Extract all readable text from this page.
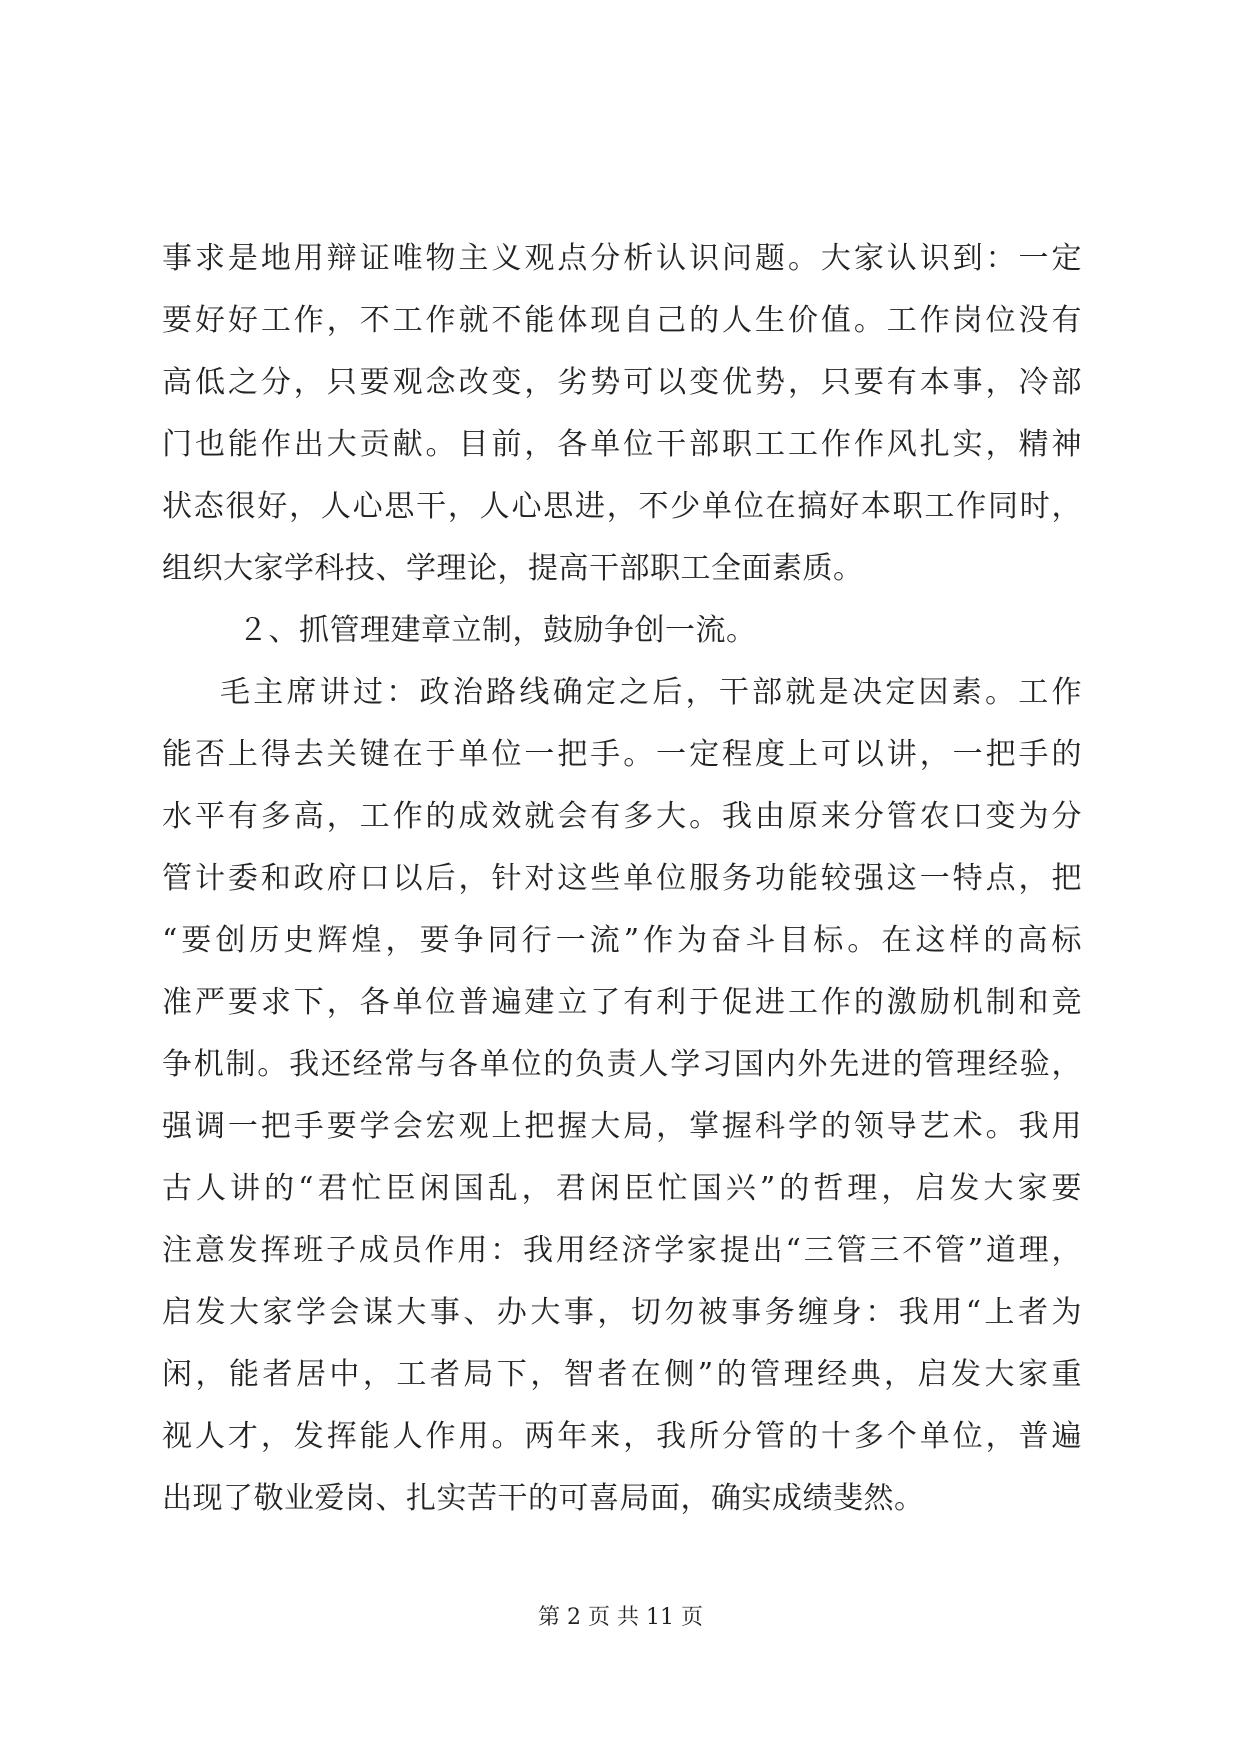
事求是地用辩证唯物主义观点分析认识问题。大家认识到：一定
要好好工作，不工作就不能体现自己的人生价值。工作岗位没有
高低之分，只要观念改变，劣势可以变优势，只要有本事，冷部
门也能作出大贡献。目前，各单位干部职工工作作风扎实，精神
状态很好，人心思干，人心思进，不少单位在搞好本职工作同时，
组织大家学科技、学理论，提高干部职工全面素质。
２、抓管理建章立制，鼓励争创一流。
毛主席讲过：政治路线确定之后，干部就是决定因素。工作
能否上得去关键在于单位一把手。一定程度上可以讲，一把手的
水平有多高，工作的成效就会有多大。我由原来分管农口变为分
管计委和政府口以后，针对这些单位服务功能较强这一特点，把
“要创历史辉煌，要争同行一流”作为奋斗目标。在这样的高标
准严要求下，各单位普遍建立了有利于促进工作的激励机制和竞
争机制。我还经常与各单位的负责人学习国内外先进的管理经验，
强调一把手要学会宏观上把握大局，掌握科学的领导艺术。我用
古人讲的“君忙臣闲国乱，君闲臣忙国兴”的哲理，启发大家要
注意发挥班子成员作用：我用经济学家提出“三管三不管”道理，
启发大家学会谋大事、办大事，切勿被事务缠身：我用“上者为
闲，能者居中，工者局下，智者在侧”的管理经典，启发大家重
视人才，发挥能人作用。两年来，我所分管的十多个单位，普遍
出现了敬业爱岗、扎实苦干的可喜局面，确实成绩斐然。
第 2 页 共 11 页
